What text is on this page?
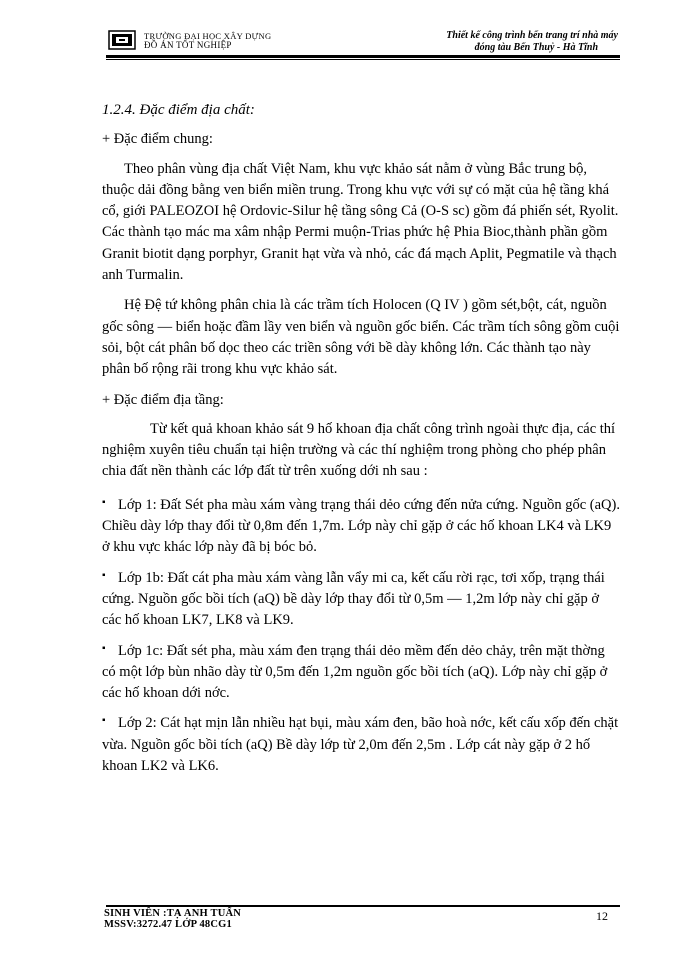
TRƯỜNG ĐẠI HỌC XÂY DỰNG
ĐỒ ÁN TỐT NGHIỆP
Thiết kế công trình bến trang trí nhà máy
đóng tàu Bến Thuỷ - Hà Tĩnh

1.2.4. Đặc điểm địa chất:

+ Đặc điểm chung:

Theo phân vùng địa chất Việt Nam, khu vực khảo sát nằm ở vùng Bắc trung bộ, thuộc dải đồng bằng ven biển miền trung. Trong khu vực với sự có mặt của hệ tầng khá cổ, giới PALEOZOI hệ Ordovic-Silur hệ tầng sông Cả (O-S sc) gồm đá phiến sét, Ryolit. Các thành tạo mác ma xâm nhập Permi muộn-Trias phức hệ Phia Bioc,thành phần gồm Granit biotit dạng porphyr, Granit hạt vừa và nhỏ, các đá mạch Aplit, Pegmatile và thạch anh Turmalin.

Hệ Đệ tứ không phân chia là các trầm tích Holocen (Q IV ) gồm sét,bột, cát, nguồn gốc sông — biển hoặc đầm lầy ven biển và nguồn gốc biển. Các trầm tích sông gồm cuội sỏi, bột cát phân bố dọc theo các triền sông với bề dày không lớn. Các thành tạo này phân bố rộng rãi trong khu vực khảo sát.

+ Đặc điểm địa tầng:

Từ kết quả khoan khảo sát 9 hố khoan địa chất công trình ngoài thực địa, các thí nghiệm xuyên tiêu chuẩn tại hiện trường và các thí nghiệm trong phòng cho phép phân chia đất nền thành các lớp đất từ trên xuống dới nh sau :

▪ Lớp 1: Đất Sét pha màu xám vàng trạng thái dẻo cứng đến nửa cứng. Nguồn gốc (aQ). Chiều dày lớp thay đổi từ 0,8m đến 1,7m. Lớp này chỉ gặp ở các hố khoan LK4 và LK9 ở khu vực khác lớp này đã bị bóc bỏ.

▪ Lớp 1b: Đất cát pha màu xám vàng lẫn vẩy mi ca, kết cấu rời rạc, tơi xốp, trạng thái cứng. Nguồn gốc bồi tích (aQ) bề dày lớp thay đổi từ 0,5m — 1,2m lớp này chỉ gặp ở các hố khoan LK7, LK8 và LK9.

▪ Lớp 1c: Đất sét pha, màu xám đen trạng thái dẻo mềm đến dẻo chảy, trên mặt thờng có một lớp bùn nhão dày từ 0,5m đến 1,2m nguồn gốc bồi tích (aQ). Lớp này chỉ gặp ở các hố khoan dới nớc.

▪ Lớp 2: Cát hạt mịn lẫn nhiều hạt bụi, màu xám đen, bão hoà nớc, kết cấu xốp đến chặt vừa. Nguồn gốc bồi tích (aQ) Bề dày lớp từ 2,0m đến 2,5m . Lớp cát này gặp ở 2 hố khoan LK2 và LK6.

SINH VIÊN :TẠ ANH TUẤN
MSSV:3272.47 LỚP 48CG1
12
